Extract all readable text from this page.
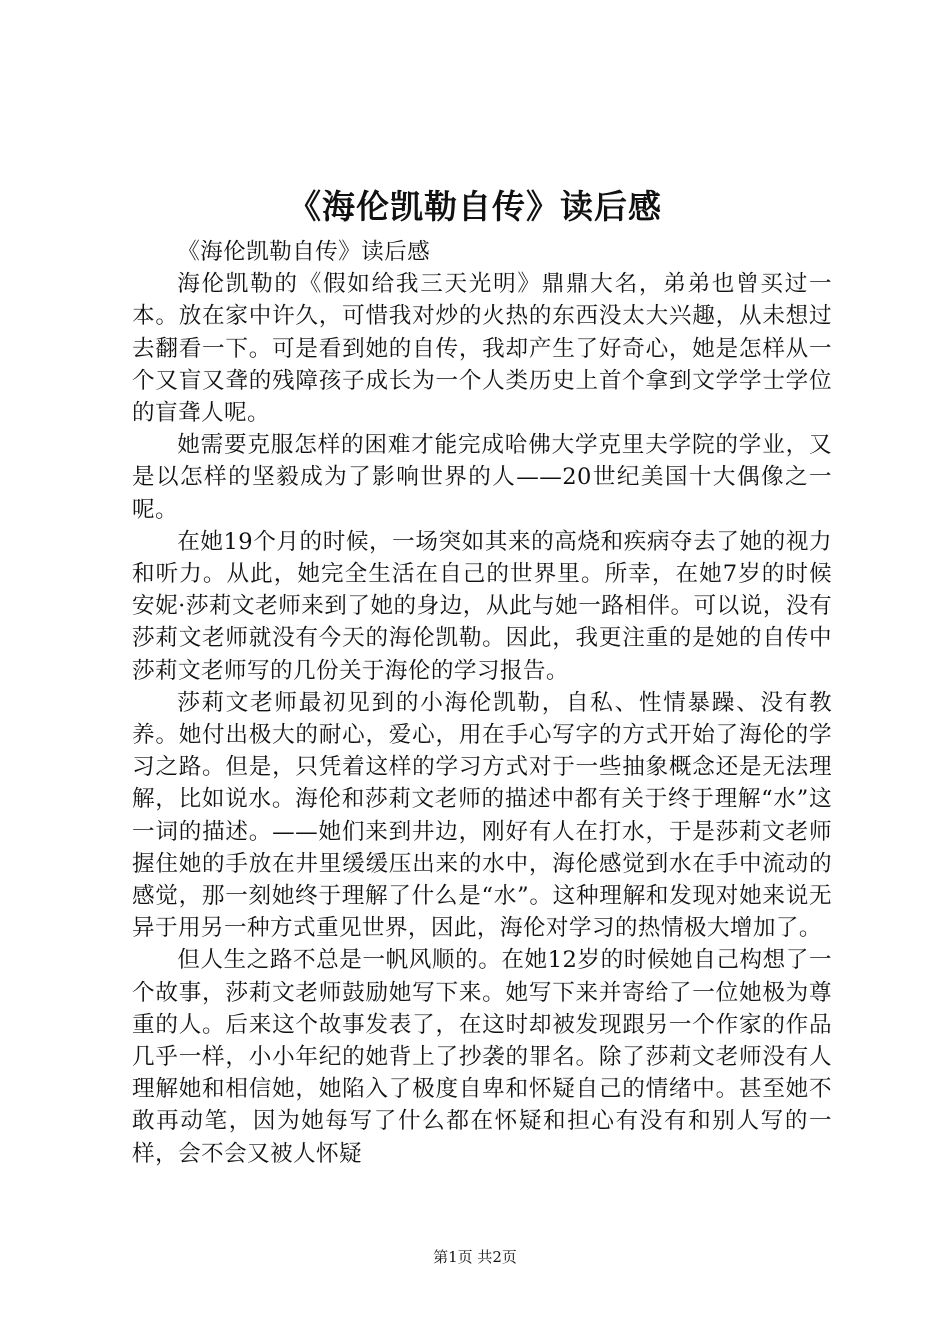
《海伦凯勒自传》读后感

《海伦凯勒自传》读后感

海伦凯勒的《假如给我三天光明》鼎鼎大名，弟弟也曾买过一本。放在家中许久，可惜我对炒的火热的东西没太大兴趣，从未想过去翻看一下。可是看到她的自传，我却产生了好奇心，她是怎样从一个又盲又聋的残障孩子成长为一个人类历史上首个拿到文学学士学位的盲聋人呢。

她需要克服怎样的困难才能完成哈佛大学克里夫学院的学业，又是以怎样的坚毅成为了影响世界的人——20世纪美国十大偶像之一呢。

在她19个月的时候，一场突如其来的高烧和疾病夺去了她的视力和听力。从此，她完全生活在自己的世界里。所幸，在她7岁的时候安妮·莎莉文老师来到了她的身边，从此与她一路相伴。可以说，没有莎莉文老师就没有今天的海伦凯勒。因此，我更注重的是她的自传中莎莉文老师写的几份关于海伦的学习报告。

莎莉文老师最初见到的小海伦凯勒，自私、性情暴躁、没有教养。她付出极大的耐心，爱心，用在手心写字的方式开始了海伦的学习之路。但是，只凭着这样的学习方式对于一些抽象概念还是无法理解，比如说水。海伦和莎莉文老师的描述中都有关于终于理解“水”这一词的描述。——她们来到井边，刚好有人在打水，于是莎莉文老师握住她的手放在井里缓缓压出来的水中，海伦感觉到水在手中流动的感觉，那一刻她终于理解了什么是“水”。这种理解和发现对她来说无异于用另一种方式重见世界，因此，海伦对学习的热情极大增加了。

但人生之路不总是一帆风顺的。在她12岁的时候她自己构想了一个故事，莎莉文老师鼓励她写下来。她写下来并寄给了一位她极为尊重的人。后来这个故事发表了，在这时却被发现跟另一个作家的作品几乎一样，小小年纪的她背上了抄袭的罪名。除了莎莉文老师没有人理解她和相信她，她陷入了极度自卑和怀疑自己的情绪中。甚至她不敢再动笔，因为她每写了什么都在怀疑和担心有没有和别人写的一样，会不会又被人怀疑

第1页 共2页
